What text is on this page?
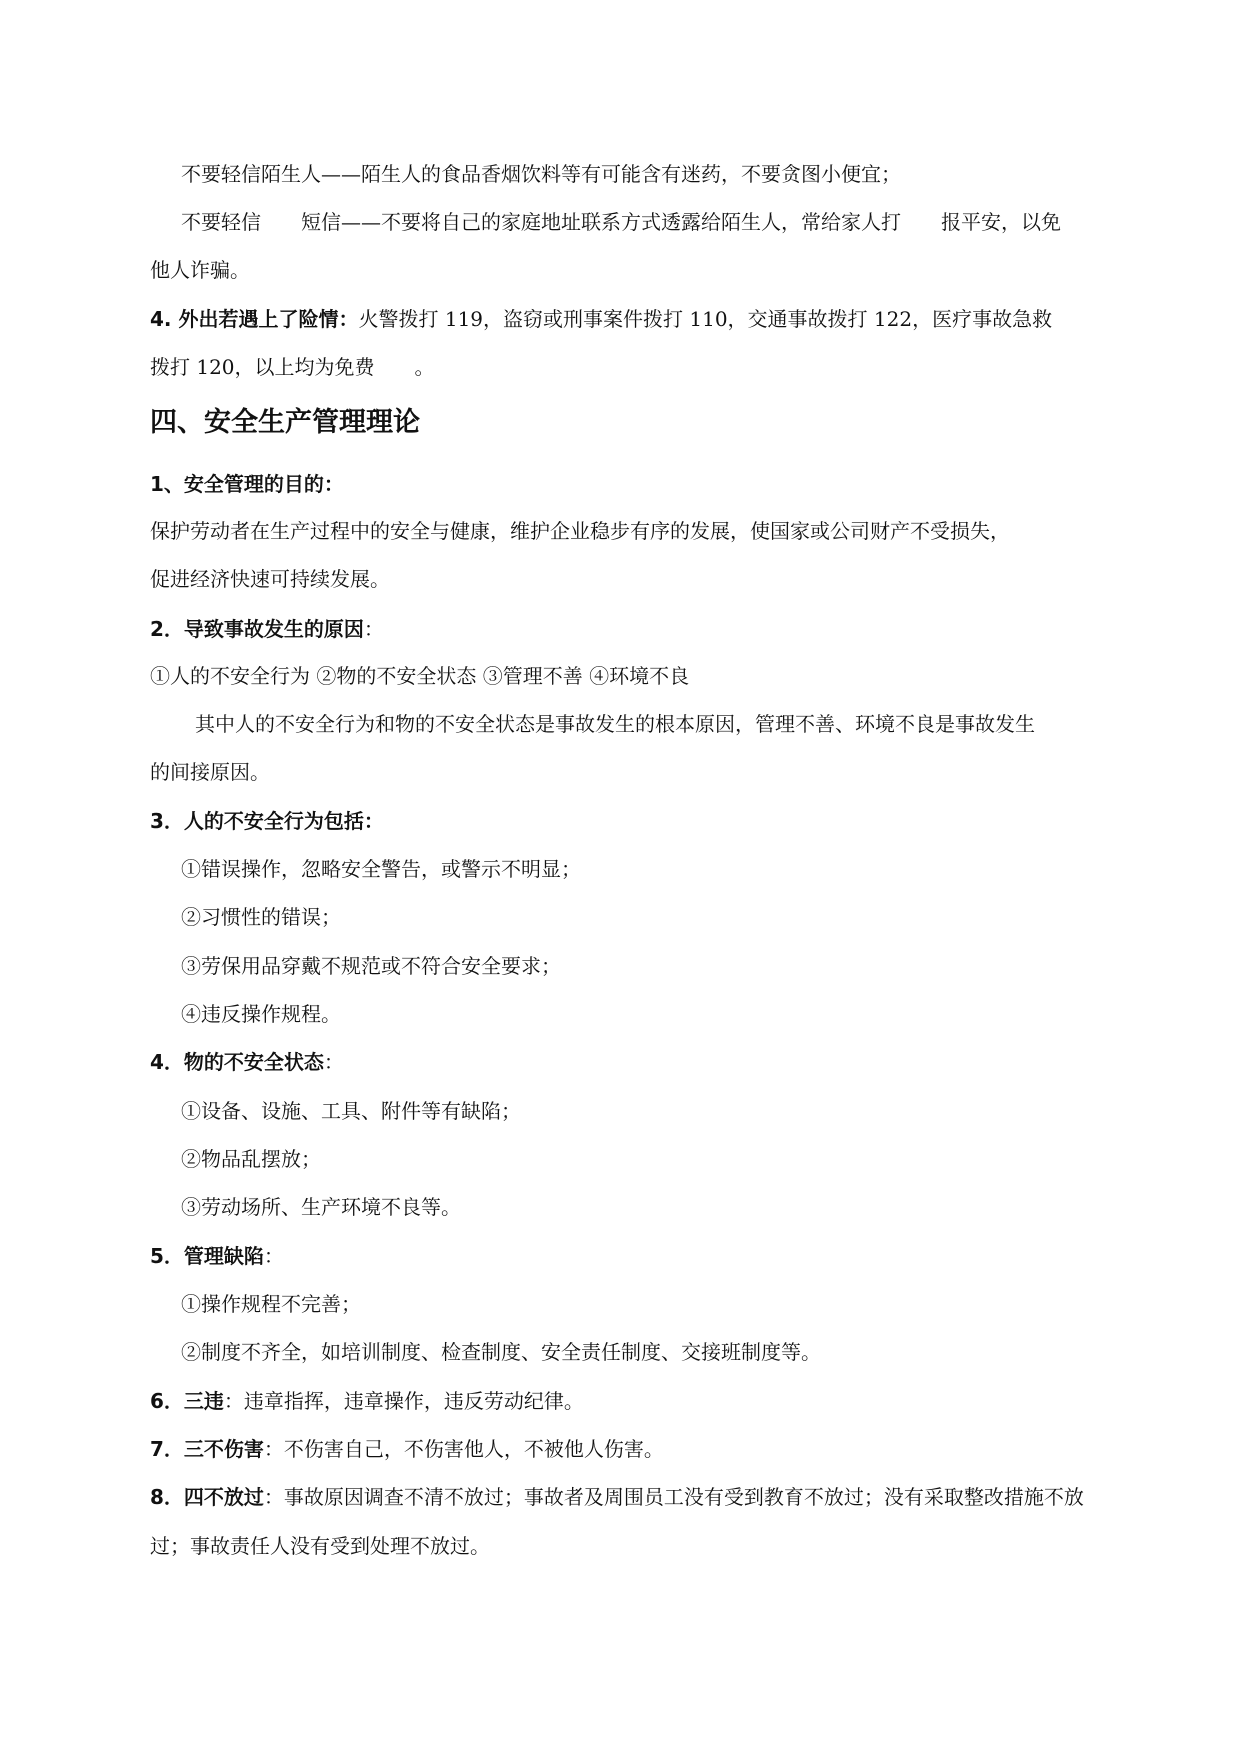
不要轻信陌生人——陌生人的食品香烟饮料等有可能含有迷药，不要贪图小便宜；
不要轻信　　短信——不要将自己的家庭地址联系方式透露给陌生人，常给家人打　　报平安，以免
他人诈骗。
4. 外出若遇上了险情：火警拨打 119，盗窃或刑事案件拨打 110，交通事故拨打 122，医疗事故急救
拨打 120，以上均为免费　　。
四、安全生产管理理论
1、安全管理的目的：
保护劳动者在生产过程中的安全与健康，维护企业稳步有序的发展，使国家或公司财产不受损失，
促进经济快速可持续发展。
2．导致事故发生的原因：
①人的不安全行为 ②物的不安全状态 ③管理不善 ④环境不良
其中人的不安全行为和物的不安全状态是事故发生的根本原因，管理不善、环境不良是事故发生
的间接原因。
3．人的不安全行为包括：
①错误操作，忽略安全警告，或警示不明显；
②习惯性的错误；
③劳保用品穿戴不规范或不符合安全要求；
④违反操作规程。
4．物的不安全状态：
①设备、设施、工具、附件等有缺陷；
②物品乱摆放；
③劳动场所、生产环境不良等。
5．管理缺陷：
①操作规程不完善；
②制度不齐全，如培训制度、检查制度、安全责任制度、交接班制度等。
6．三违：违章指挥，违章操作，违反劳动纪律。
7．三不伤害：不伤害自己，不伤害他人，不被他人伤害。
8．四不放过：事故原因调查不清不放过；事故者及周围员工没有受到教育不放过；没有采取整改措施不放
过；事故责任人没有受到处理不放过。
